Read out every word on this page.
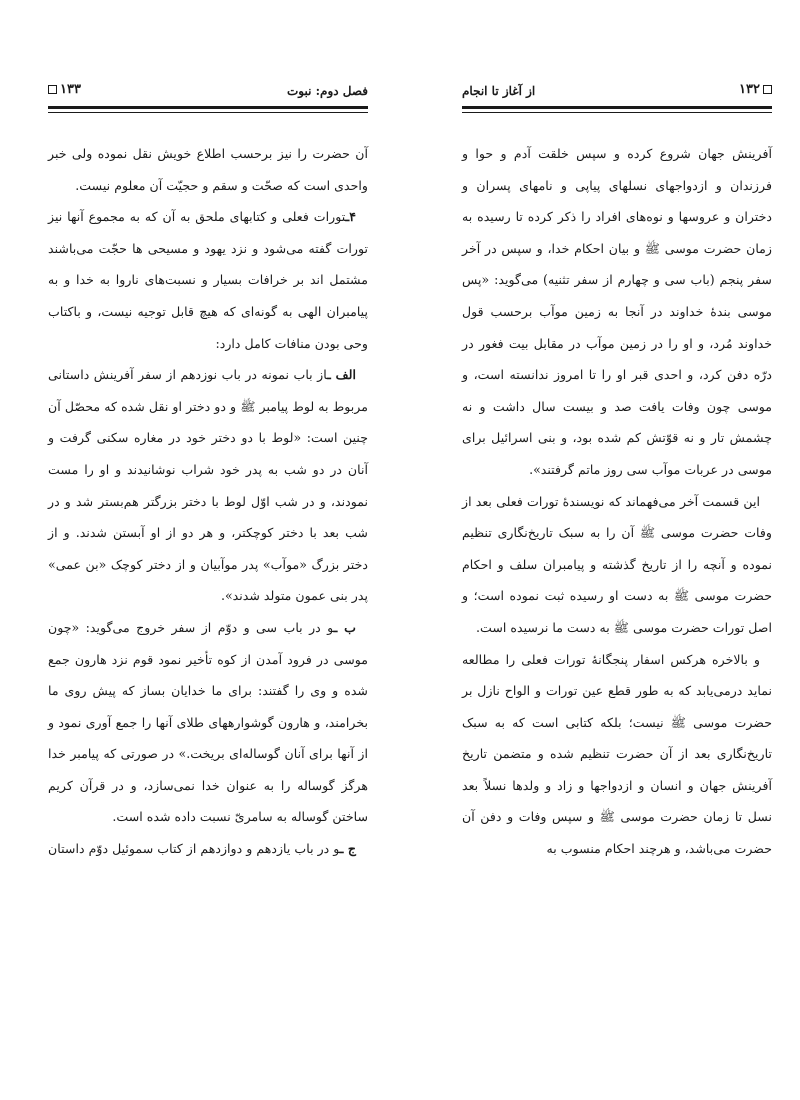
۱۳۳	فصل دوم: نبوت

آن حضرت را نیز برحسب اطلاع خویش نقل نموده ولی خبر واحدی است که صحّت و سقم و حجیّت آن معلوم نیست.

۴ـتورات فعلی و کتابهای ملحق به آن که به مجموع آنها نیز تورات گفته می‌شود و نزد یهود و مسیحی ها حجّت می‌باشند مشتمل اند بر خرافات بسیار و نسبت‌های ناروا به خدا و به پیامبران الهی به گونه‌ای که هیچ قابل توجیه نیست، و باکتاب وحی بودن منافات کامل دارد:

الف ـاز باب نمونه در باب نوزدهم از سفر آفرینش داستانی مربوط به لوط پیامبر ﷺ و دو دختر او نقل شده که محصّل آن چنین است: «لوط با دو دختر خود در مغاره سکنی گرفت و آنان در دو شب به پدر خود شراب نوشانیدند و او را مست نمودند، و در شب اوّل لوط با دختر بزرگتر هم‌بستر شد و در شب بعد با دختر کوچکتر، و هر دو از او آبستن شدند. و از دختر بزرگ «موآب» پدر موآبیان و از دختر کوچک «بن عمی» پدر بنی عمون متولد شدند».

ب ـو در باب سی و دوّم از سفر خروج می‌گوید: «چون موسی در فرود آمدن از کوه تأخیر نمود قوم نزد هارون جمع شده و وی را گفتند: برای ما خدایان بساز که پیش روی ما بخرامند، و هارون گوشوارههای طلای آنها را جمع آوری نمود و از آنها برای آنان گوساله‌ای بریخت.» در صورتی که پیامبر خدا هرگز گوساله را به عنوان خدا نمی‌سازد، و در قرآن کریم ساختن گوساله به سامریّ نسبت داده شده است.

ج ـو در باب یازدهم و دوازدهم از کتاب سموئیل دوّم داستان

۱۳۲
از آغاز تا انجام

آفرینش جهان شروع کرده و سپس خلقت آدم و حوا و فرزندان و ازدواجهای نسلهای پیاپی و نامهای پسران و دختران و عروسها و نوه‌های افراد را ذکر کرده تا رسیده به زمان حضرت موسی ﷺ و بیان احکام خدا، و سپس در آخر سفر پنجم (باب سی و چهارم از سفر تثنیه) می‌گوید: «پس موسی بندهٔ خداوند در آنجا به زمین موآب برحسب قول خداوند مُرد، و او را در زمین موآب در مقابل بیت فغور در درّه دفن کرد، و احدی قبر او را تا امروز ندانسته است، و موسی چون وفات یافت صد و بیست سال داشت و نه چشمش تار و نه قوّتش کم شده بود، و بنی اسرائیل برای موسی در عربات موآب سی روز ماتم گرفتند».

این قسمت آخر می‌فهماند که نویسندهٔ تورات فعلی بعد از وفات حضرت موسی ﷺ آن را به سبک تاریخ‌نگاری تنظیم نموده و آنچه را از تاریخ گذشته و پیامبران سلف و احکام حضرت موسی ﷺ به دست او رسیده ثبت نموده است؛ و اصل تورات حضرت موسی ﷺ به دست ما نرسیده است.

و بالاخره هرکس اسفار پنجگانهٔ تورات فعلی را مطالعه نماید درمی‌یابد که به طور قطع عین تورات و الواح نازل بر حضرت موسی ﷺ نیست؛ بلکه کتابی است که به سبک تاریخ‌نگاری بعد از آن حضرت تنظیم شده و متضمن تاریخ آفرینش جهان و انسان و ازدواجها و زاد و ولدها نسلاً بعد نسل تا زمان حضرت موسی ﷺ و سپس وفات و دفن آن حضرت می‌باشد، و هرچند احکام منسوب به
